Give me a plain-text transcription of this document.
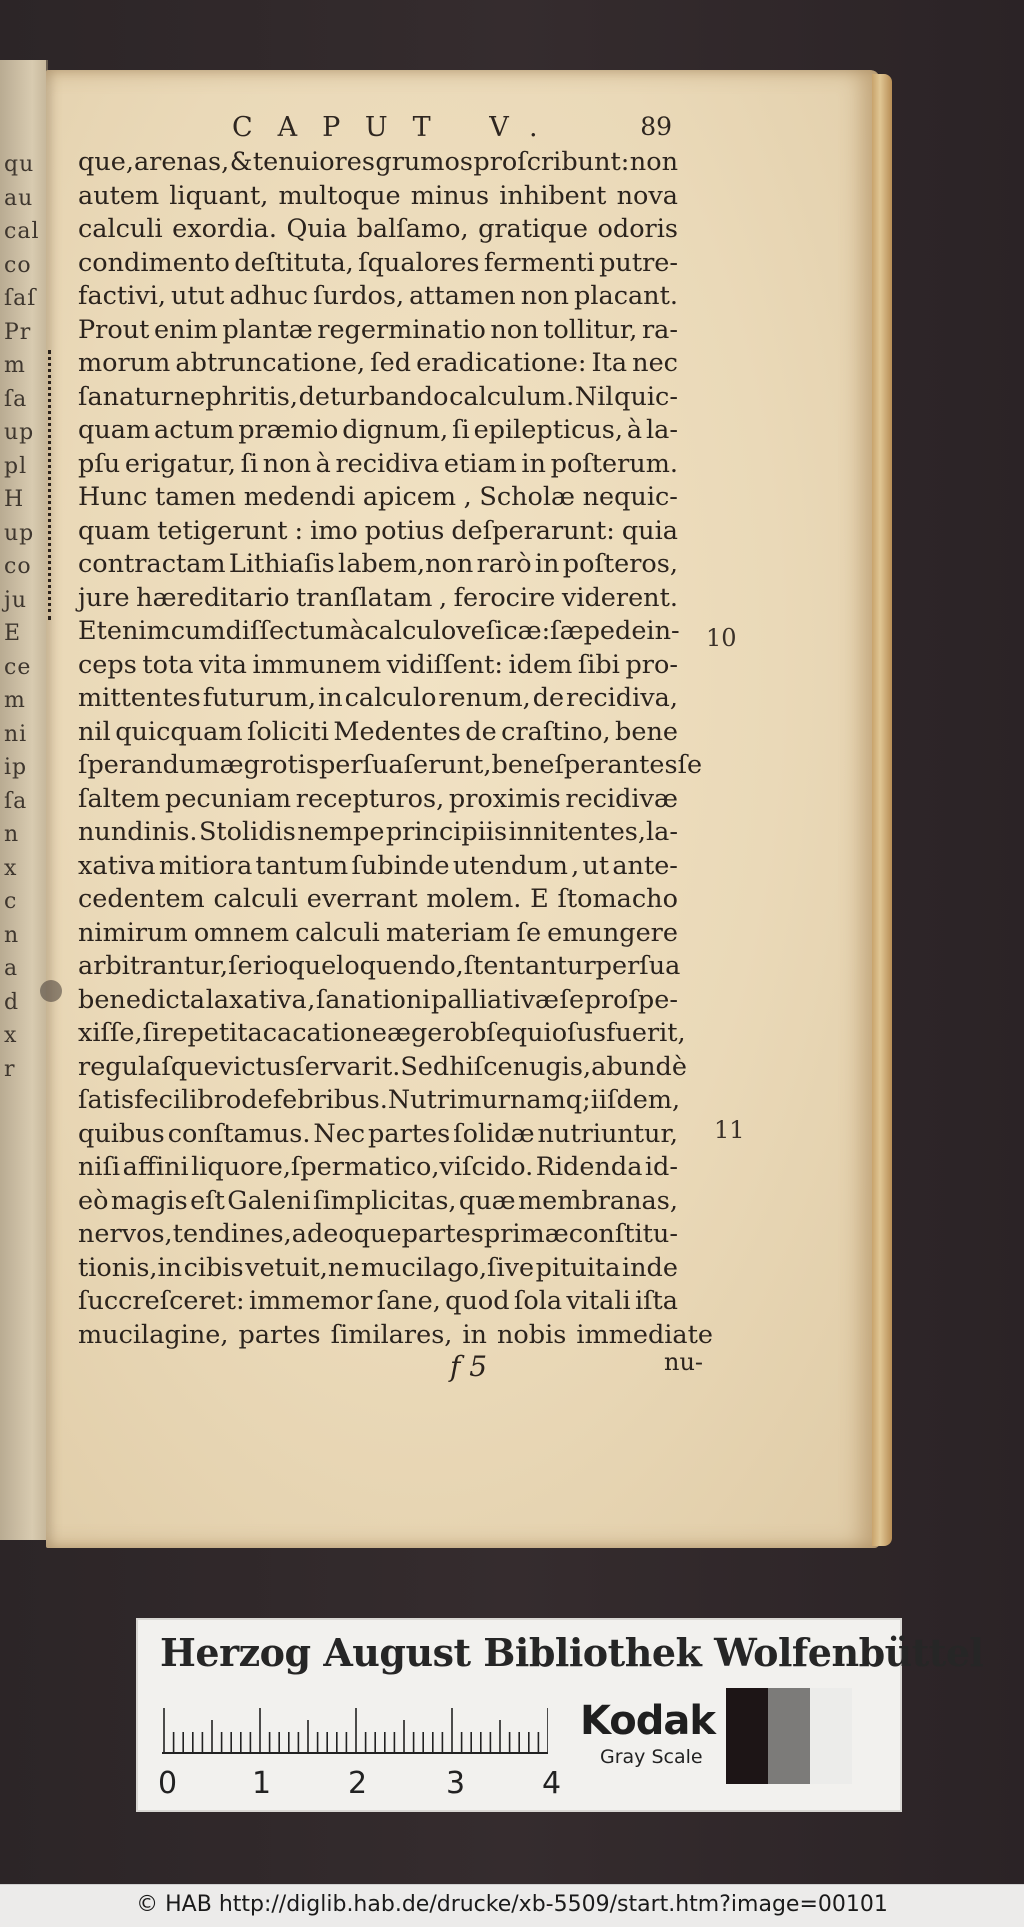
qu
au
cal
co
ſaſ
Pr
m
ſa
up
pl
H
up
co
ju
E
ce
m
ni
ip
ſa
n
x
c
n
a
d
x
r
CAPUT V.	89
que,arenas, & tenuiores grumos proſcribunt: non
autem liquant, multoque minus inhibent nova
calculi exordia. Quia balſamo, gratique odoris
condimento deſtituta, ſqualores fermenti putre-
factivi, utut adhuc ſurdos, attamen non placant.
Prout enim plantæ regerminatio non tollitur, ra-
morum abtruncatione, ſed eradicatione: Ita nec
ſanatur nephritis, deturbando calculum. Nil quic-
quam actum præmio dignum, ſi epilepticus, à la-
pſu erigatur, ſi non à recidiva etiam in poſterum.
Hunc tamen medendi apicem , Scholæ nequic-
quam tetigerunt : imo potius deſperarunt: quia
contractam Lithiaſis labem,non rarò in poſteros,
jure hæreditario tranſlatam , ferocire viderent.
Etenim cum diſſectum à calculo veſicæ:ſæpe dein-
ceps tota vita immunem vidiſſent: idem ſibi pro-
mittentes futurum, in calculo renum, de recidiva,
nil quicquam ſoliciti Medentes de craſtino, bene
ſperandum ægrotis perſuaſerunt, bene ſperantes ſe
ſaltem pecuniam recepturos, proximis recidivæ
nundinis. Stolidis nempe principiis innitentes,la-
xativa mitiora tantum ſubinde utendum , ut ante-
cedentem calculi everrant molem. E ſtomacho
nimirum omnem calculi materiam ſe emungere
arbitrantur,ſerioque loquendo, ſtentantur per ſua
benedicta laxativa , ſanationi palliativæ ſe proſpe-
xiſſe,ſi repetita cacatione æger obſequioſus fuerit,
regulaſque victus ſervarit. Sed hiſce nugis, abundè
ſatisfeci libro de febribus.Nutrimur namq; iiſdem,
quibus conſtamus. Nec partes ſolidæ nutriuntur,
niſi affini liquore,ſpermatico,viſcido. Ridenda id-
eò magis eſt Galeni ſimplicitas, quæ membranas,
nervos, tendines, adeoque partes primæ conſtitu-
tionis,in cibis vetuit,ne mucilago,ſive pituita inde
ſuccreſceret: immemor ſane, quod ſola vitali iſta
mucilagine, partes ſimilares, in nobis immediate
10
11
f 5	nu-
Herzog August Bibliothek Wolfenbüttel
0 1	2	3	4
Kodak
Gray Scale
© HAB http://diglib.hab.de/drucke/xb-5509/start.htm?image=00101
